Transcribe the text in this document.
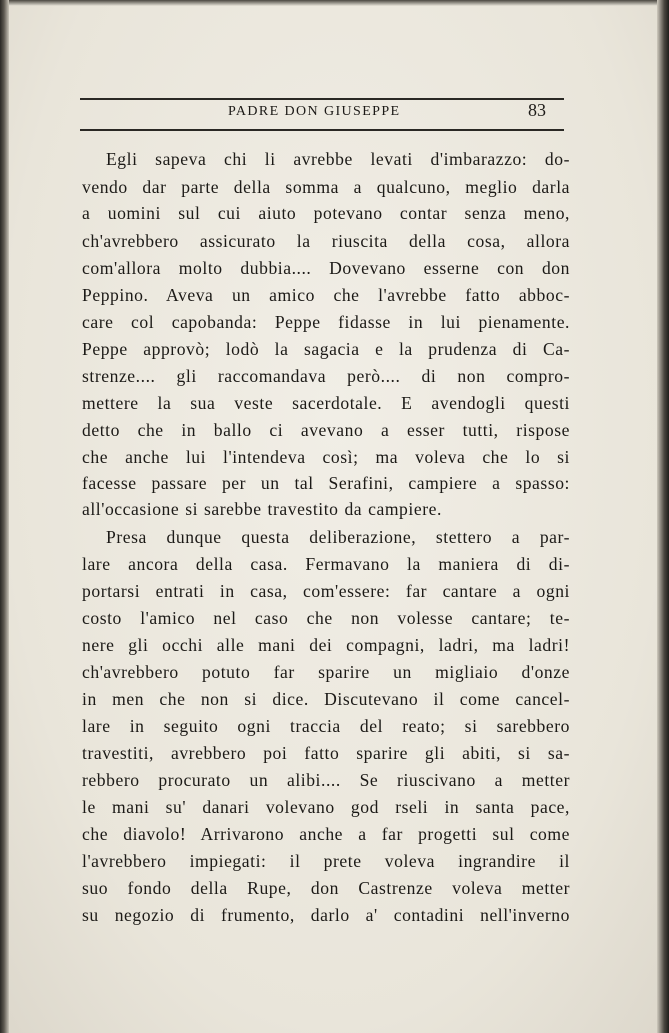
PADRE DON GIUSEPPE	83
Egli sapeva chi li avrebbe levati d'imbarazzo: do-
vendo dar parte della somma a qualcuno, meglio darla
a uomini sul cui aiuto potevano contar senza meno,
ch'avrebbero assicurato la riuscita della cosa, allora
com'allora molto dubbia.... Dovevano esserne con don
Peppino. Aveva un amico che l'avrebbe fatto abboc-
care col capobanda: Peppe fidasse in lui pienamente.
Peppe approvò; lodò la sagacia e la prudenza di Ca-
strenze.... gli raccomandava però.... di non compro-
mettere la sua veste sacerdotale. E avendogli questi
detto che in ballo ci avevano a esser tutti, rispose
che anche lui l'intendeva così; ma voleva che lo si
facesse passare per un tal Serafini, campiere a spasso:
all'occasione si sarebbe travestito da campiere.
Presa dunque questa deliberazione, stettero a par-
lare ancora della casa. Fermavano la maniera di di-
portarsi entrati in casa, com'essere: far cantare a ogni
costo l'amico nel caso che non volesse cantare; te-
nere gli occhi alle mani dei compagni, ladri, ma ladri!
ch'avrebbero potuto far sparire un migliaio d'onze
in men che non si dice. Discutevano il come cancel-
lare in seguito ogni traccia del reato; si sarebbero
travestiti, avrebbero poi fatto sparire gli abiti, si sa-
rebbero procurato un alibi.... Se riuscivano a metter
le mani su' danari volevano god rseli in santa pace,
che diavolo! Arrivarono anche a far progetti sul come
l'avrebbero impiegati: il prete voleva ingrandire il
suo fondo della Rupe, don Castrenze voleva metter
su negozio di frumento, darlo a' contadini nell'inverno
